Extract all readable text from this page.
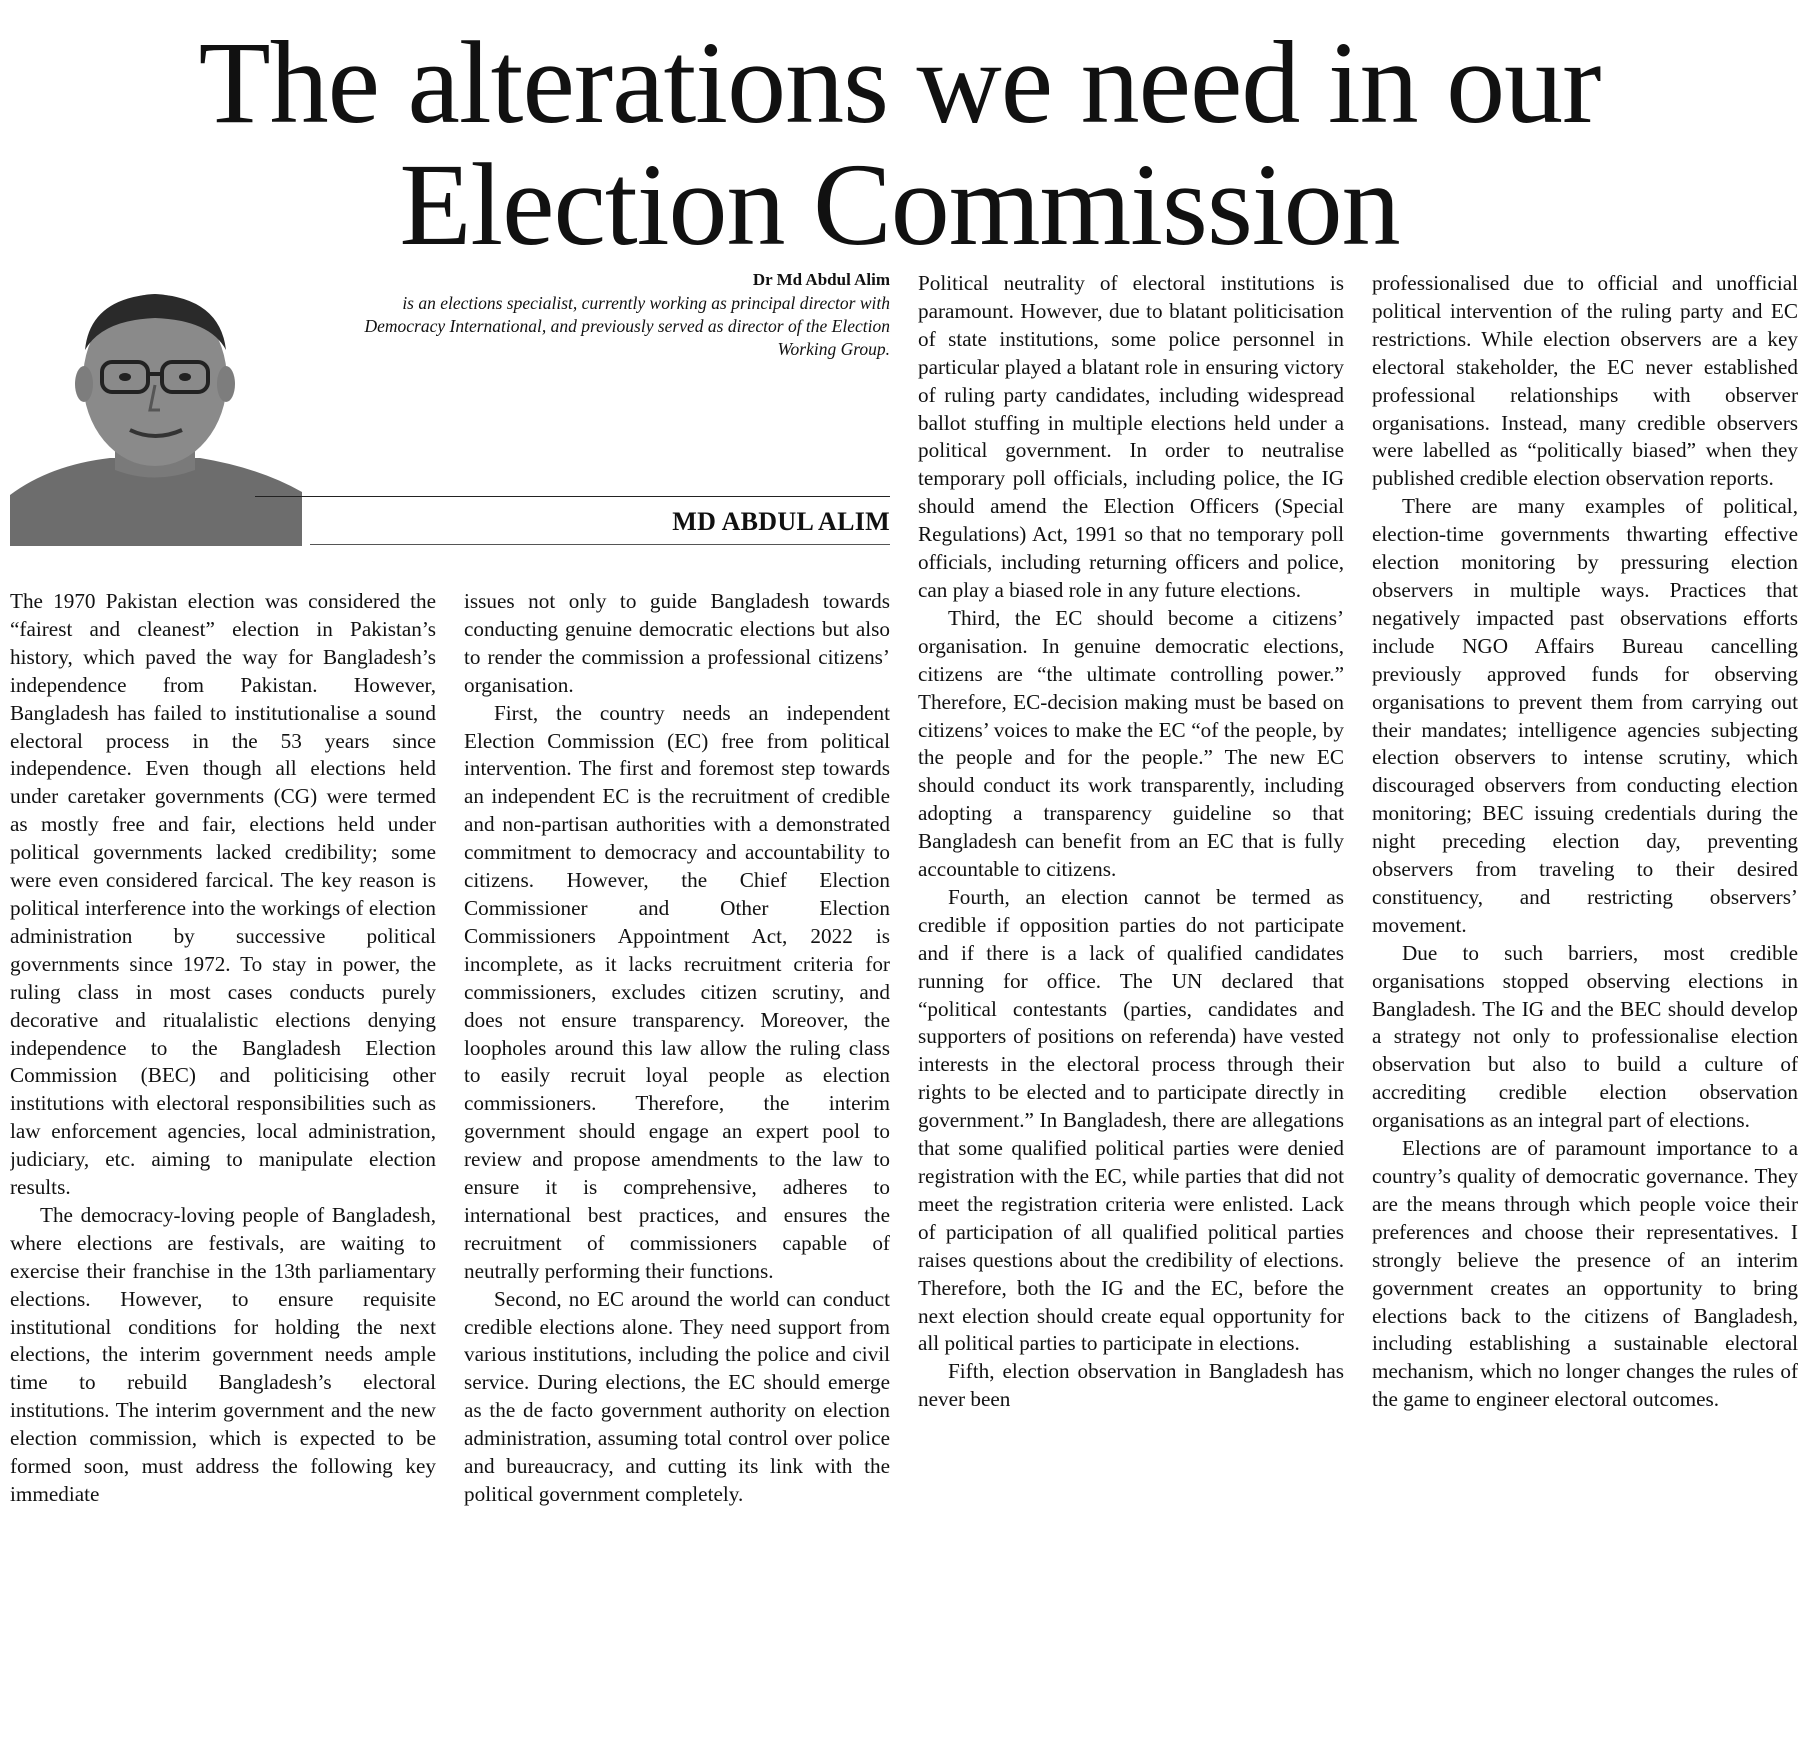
The alterations we need in our
Election Commission
Dr Md Abdul Alim
is an elections specialist, currently working as principal director with Democracy International, and previously served as director of the Election Working Group.
MD ABDUL ALIM

The 1970 Pakistan election was considered the “fairest and cleanest” election in Pakistan’s history, which paved the way for Bangladesh’s independence from Pakistan. However, Bangladesh has failed to institutionalise a sound electoral process in the 53 years since independence. Even though all elections held under caretaker governments (CG) were termed as mostly free and fair, elections held under political governments lacked credibility; some were even considered farcical. The key reason is political interference into the workings of election administration by successive political governments since 1972. To stay in power, the ruling class in most cases conducts purely decorative and ritualalistic elections denying independence to the Bangladesh Election Commission (BEC) and politicising other institutions with electoral responsibilities such as law enforcement agencies, local administration, judiciary, etc. aiming to manipulate election results.

The democracy-loving people of Bangladesh, where elections are festivals, are waiting to exercise their franchise in the 13th parliamentary elections. However, to ensure requisite institutional conditions for holding the next elections, the interim government needs ample time to rebuild Bangladesh’s electoral institutions. The interim government and the new election commission, which is expected to be formed soon, must address the following key immediate

issues not only to guide Bangladesh towards conducting genuine democratic elections but also to render the commission a professional citizens’ organisation.

First, the country needs an independent Election Commission (EC) free from political intervention. The first and foremost step towards an independent EC is the recruitment of credible and non-partisan authorities with a demonstrated commitment to democracy and accountability to citizens. However, the Chief Election Commissioner and Other Election Commissioners Appointment Act, 2022 is incomplete, as it lacks recruitment criteria for commissioners, excludes citizen scrutiny, and does not ensure transparency. Moreover, the loopholes around this law allow the ruling class to easily recruit loyal people as election commissioners. Therefore, the interim government should engage an expert pool to review and propose amendments to the law to ensure it is comprehensive, adheres to international best practices, and ensures the recruitment of commissioners capable of neutrally performing their functions.

Second, no EC around the world can conduct credible elections alone. They need support from various institutions, including the police and civil service. During elections, the EC should emerge as the de facto government authority on election administration, assuming total control over police and bureaucracy, and cutting its link with the political government completely.

Political neutrality of electoral institutions is paramount. However, due to blatant politicisation of state institutions, some police personnel in particular played a blatant role in ensuring victory of ruling party candidates, including widespread ballot stuffing in multiple elections held under a political government. In order to neutralise temporary poll officials, including police, the IG should amend the Election Officers (Special Regulations) Act, 1991 so that no temporary poll officials, including returning officers and police, can play a biased role in any future elections.

Third, the EC should become a citizens’ organisation. In genuine democratic elections, citizens are “the ultimate controlling power.” Therefore, EC-decision making must be based on citizens’ voices to make the EC “of the people, by the people and for the people.” The new EC should conduct its work transparently, including adopting a transparency guideline so that Bangladesh can benefit from an EC that is fully accountable to citizens.

Fourth, an election cannot be termed as credible if opposition parties do not participate and if there is a lack of qualified candidates running for office. The UN declared that “political contestants (parties, candidates and supporters of positions on referenda) have vested interests in the electoral process through their rights to be elected and to participate directly in government.” In Bangladesh, there are allegations that some qualified political parties were denied registration with the EC, while parties that did not meet the registration criteria were enlisted. Lack of participation of all qualified political parties raises questions about the credibility of elections. Therefore, both the IG and the EC, before the next election should create equal opportunity for all political parties to participate in elections.

Fifth, election observation in Bangladesh has never been

professionalised due to official and unofficial political intervention of the ruling party and EC restrictions. While election observers are a key electoral stakeholder, the EC never established professional relationships with observer organisations. Instead, many credible observers were labelled as “politically biased” when they published credible election observation reports.

There are many examples of political, election-time governments thwarting effective election monitoring by pressuring election observers in multiple ways. Practices that negatively impacted past observations efforts include NGO Affairs Bureau cancelling previously approved funds for observing organisations to prevent them from carrying out their mandates; intelligence agencies subjecting election observers to intense scrutiny, which discouraged observers from conducting election monitoring; BEC issuing credentials during the night preceding election day, preventing observers from traveling to their desired constituency, and restricting observers’ movement.

Due to such barriers, most credible organisations stopped observing elections in Bangladesh. The IG and the BEC should develop a strategy not only to professionalise election observation but also to build a culture of accrediting credible election observation organisations as an integral part of elections.

Elections are of paramount importance to a country’s quality of democratic governance. They are the means through which people voice their preferences and choose their representatives. I strongly believe the presence of an interim government creates an opportunity to bring elections back to the citizens of Bangladesh, including establishing a sustainable electoral mechanism, which no longer changes the rules of the game to engineer electoral outcomes.
